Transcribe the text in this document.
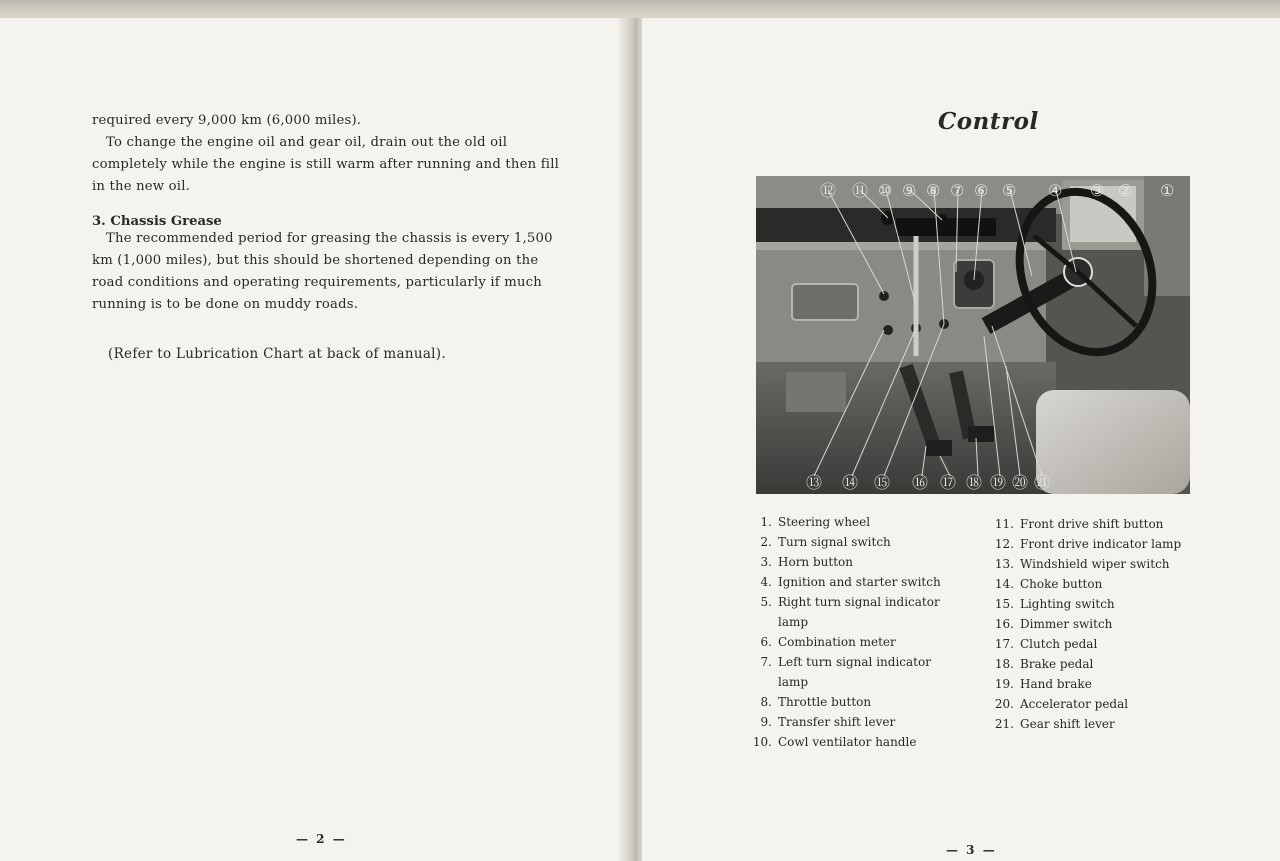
required every 9,000 km (6,000 miles).

To change the engine oil and gear oil, drain out the old oil completely while the engine is still warm after running and then fill in the new oil.

3. Chassis Grease

The recommended period for greasing the chassis is every 1,500 km (1,000 miles), but this should be shortened depending on the road conditions and operating requirements, particularly if much running is to be done on muddy roads.

(Refer to Lubrication Chart at back of manual).

— 2 —
— 3 —
Control
⑫ ⑪ ⑩ ⑨ ⑧ ⑦ ⑥ ⑤ ④ ③ ② ①
⑬ ⑭ ⑮ ⑯ ⑰ ⑱ ⑲ ⑳ ㉑
1. Steering wheel
2. Turn signal switch
3. Horn button
4. Ignition and starter switch
5. Right turn signal indicator
lamp
6. Combination meter
7. Left turn signal indicator
lamp
8. Throttle button
9. Transfer shift lever
10. Cowl ventilator handle
11. Front drive shift button
12. Front drive indicator lamp
13. Windshield wiper switch
14. Choke button
15. Lighting switch
16. Dimmer switch
17. Clutch pedal
18. Brake pedal
19. Hand brake
20. Accelerator pedal
21. Gear shift lever
